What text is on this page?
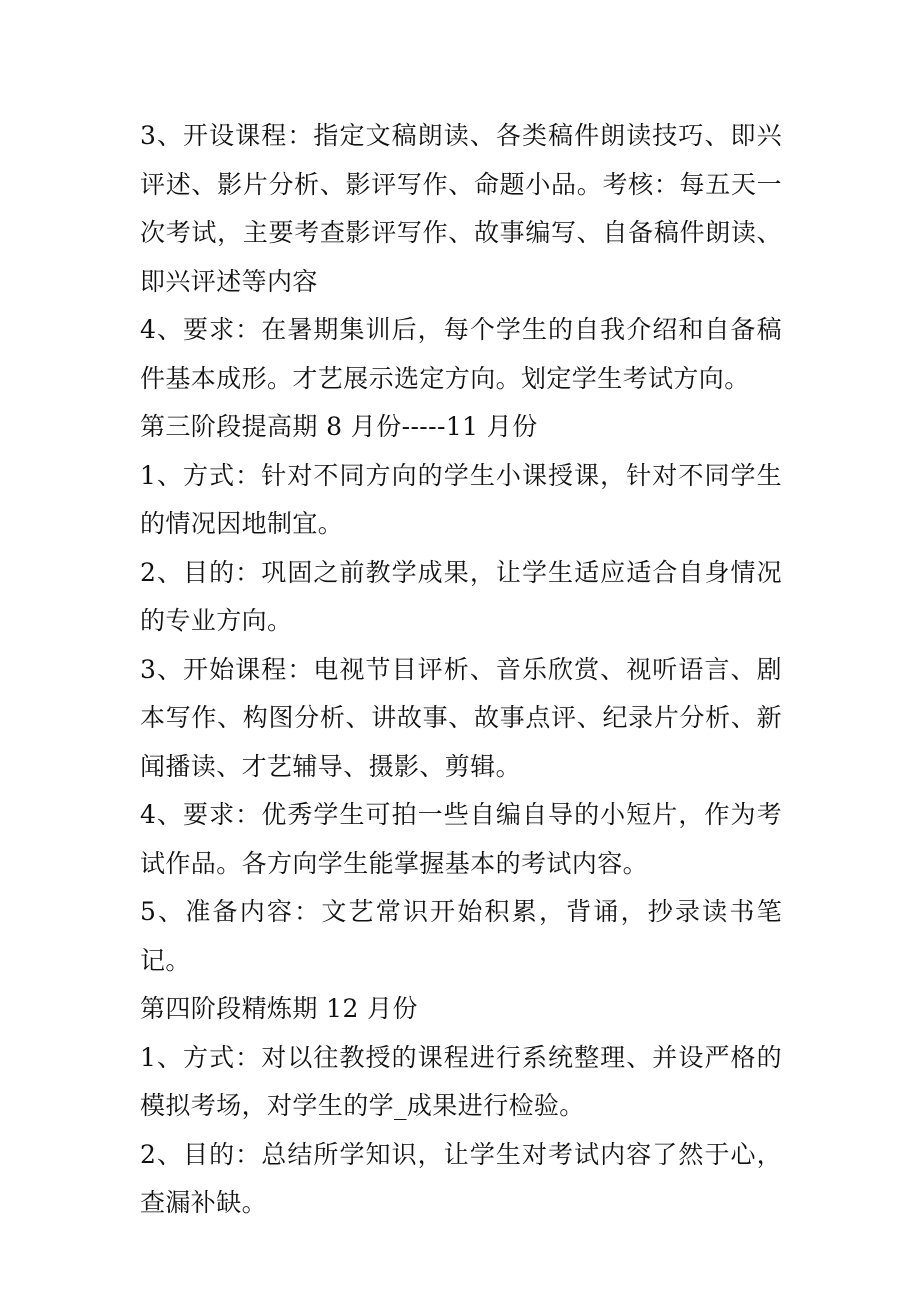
3、开设课程：指定文稿朗读、各类稿件朗读技巧、即兴评述、影片分析、影评写作、命题小品。考核：每五天一次考试，主要考查影评写作、故事编写、自备稿件朗读、即兴评述等内容

4、要求：在暑期集训后，每个学生的自我介绍和自备稿件基本成形。才艺展示选定方向。划定学生考试方向。

第三阶段提高期 8 月份-----11 月份

1、方式：针对不同方向的学生小课授课，针对不同学生的情况因地制宜。

2、目的：巩固之前教学成果，让学生适应适合自身情况的专业方向。

3、开始课程：电视节目评析、音乐欣赏、视听语言、剧本写作、构图分析、讲故事、故事点评、纪录片分析、新闻播读、才艺辅导、摄影、剪辑。

4、要求：优秀学生可拍一些自编自导的小短片，作为考试作品。各方向学生能掌握基本的考试内容。

5、准备内容：文艺常识开始积累，背诵，抄录读书笔记。

第四阶段精炼期 12 月份

1、方式：对以往教授的课程进行系统整理、并设严格的模拟考场，对学生的学_成果进行检验。

2、目的：总结所学知识，让学生对考试内容了然于心，查漏补缺。
